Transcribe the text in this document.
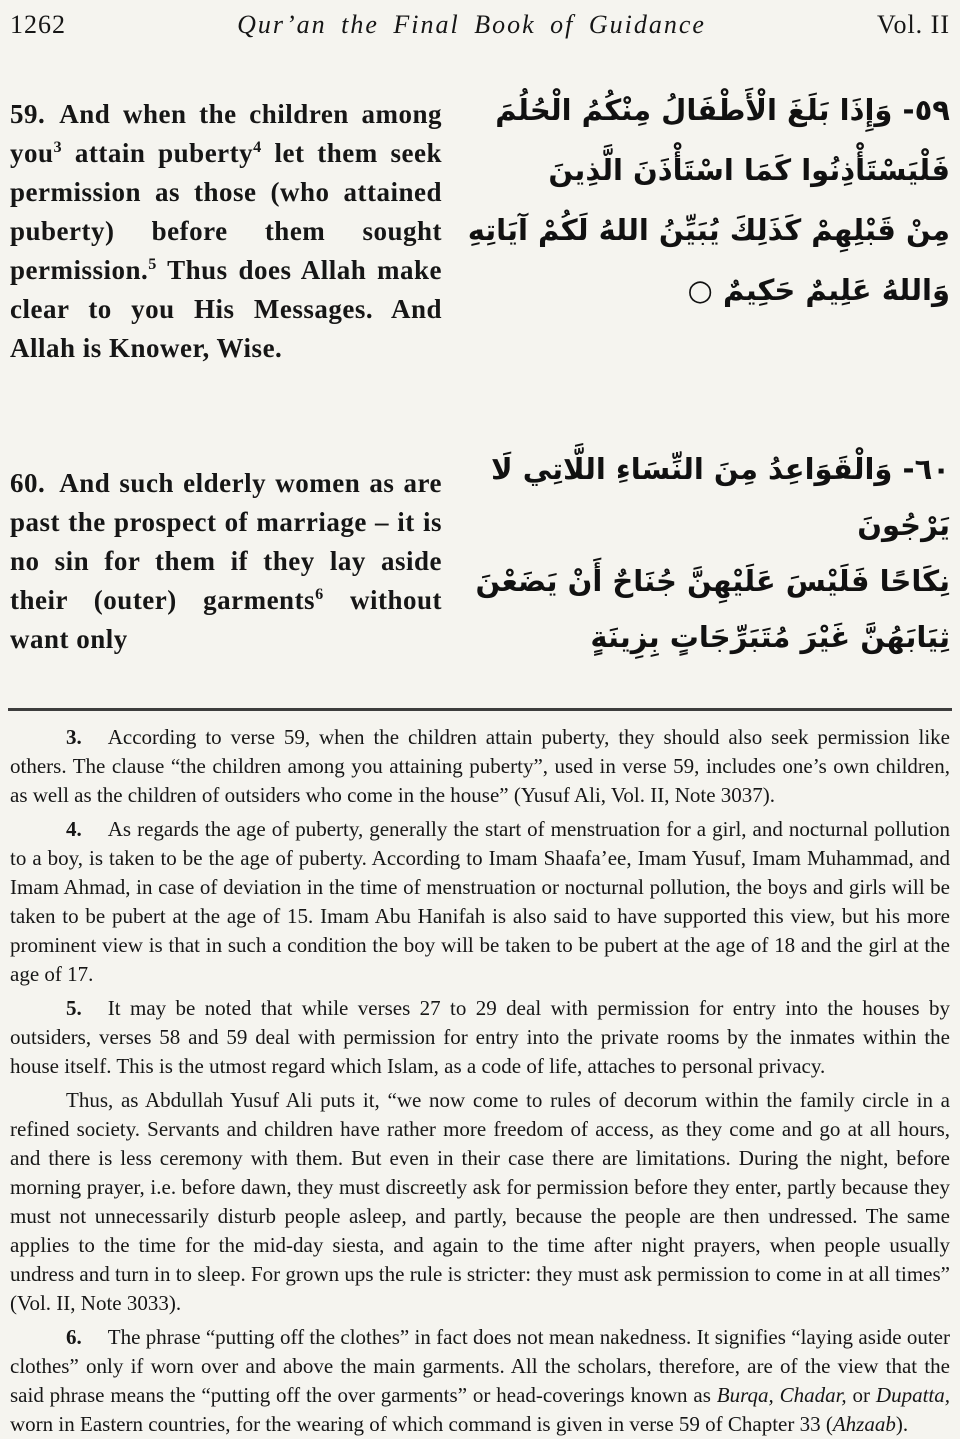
1262	Qur’an the Final Book of Guidance	Vol. II

59. And when the children among you$^3$ attain puberty$^4$ let them seek permission as those (who attained puberty) before them sought permission.$^5$ Thus does Allah make clear to you His Messages. And Allah is Knower, Wise.

٥٩- وَإِذَا بَلَغَ الْأَطْفَالُ مِنْكُمُ الْحُلُمَ
فَلْيَسْتَأْذِنُوا كَمَا اسْتَأْذَنَ الَّذِينَ
مِنْ قَبْلِهِمْ كَذَلِكَ يُبَيِّنُ اللهُ لَكُمْ آيَاتِهِ
وَاللهُ عَلِيمٌ حَكِيمٌ ○

60. And such elderly women as are past the prospect of marriage – it is no sin for them if they lay aside their (outer) garments$^6$ without want only

٦٠- وَالْقَوَاعِدُ مِنَ النِّسَاءِ اللَّاتِي لَا يَرْجُونَ
نِكَاحًا فَلَيْسَ عَلَيْهِنَّ جُنَاحٌ أَنْ يَضَعْنَ
ثِيَابَهُنَّ غَيْرَ مُتَبَرِّجَاتٍ بِزِينَةٍ

3. According to verse 59, when the children attain puberty, they should also seek permission like others. The clause “the children among you attaining puberty”, used in verse 59, includes one’s own children, as well as the children of outsiders who come in the house” (Yusuf Ali, Vol. II, Note 3037).

4. As regards the age of puberty, generally the start of menstruation for a girl, and nocturnal pollution to a boy, is taken to be the age of puberty. According to Imam Shaafa’ee, Imam Yusuf, Imam Muhammad, and Imam Ahmad, in case of deviation in the time of menstruation or nocturnal pollution, the boys and girls will be taken to be pubert at the age of 15. Imam Abu Hanifah is also said to have supported this view, but his more prominent view is that in such a condition the boy will be taken to be pubert at the age of 18 and the girl at the age of 17.

5. It may be noted that while verses 27 to 29 deal with permission for entry into the houses by outsiders, verses 58 and 59 deal with permission for entry into the private rooms by the inmates within the house itself. This is the utmost regard which Islam, as a code of life, attaches to personal privacy.

Thus, as Abdullah Yusuf Ali puts it, “we now come to rules of decorum within the family circle in a refined society. Servants and children have rather more freedom of access, as they come and go at all hours, and there is less ceremony with them. But even in their case there are limitations. During the night, before morning prayer, i.e. before dawn, they must discreetly ask for permission before they enter, partly because they must not unnecessarily disturb people asleep, and partly, because the people are then undressed. The same applies to the time for the mid-day siesta, and again to the time after night prayers, when people usually undress and turn in to sleep. For grown ups the rule is stricter: they must ask permission to come in at all times” (Vol. II, Note 3033).

6. The phrase “putting off the clothes” in fact does not mean nakedness. It signifies “laying aside outer clothes” only if worn over and above the main garments. All the scholars, therefore, are of the view that the said phrase means the “putting off the over garments” or head-coverings known as Burqa, Chadar, or Dupatta, worn in Eastern countries, for the wearing of which command is given in verse 59 of Chapter 33 (Ahzaab).
